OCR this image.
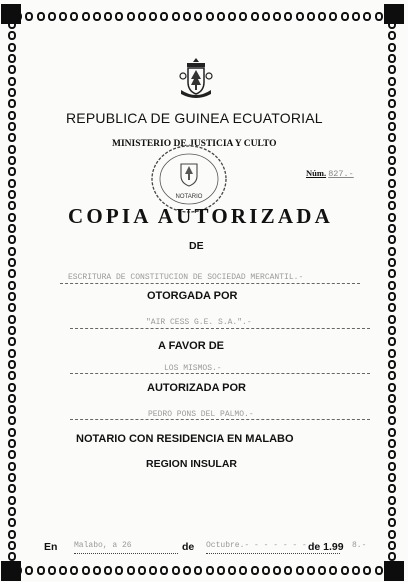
REPUBLICA DE GUINEA ECUATORIAL

MINISTERIO DE JUSTICIA Y CULTO

NOTARIO

Núm. 827.-

COPIA AUTORIZADA

DE

ESCRITURA DE CONSTITUCION DE SOCIEDAD MERCANTIL.-

OTORGADA POR

"AIR CESS G.E. S.A.".-

A FAVOR DE

LOS MISMOS.-

AUTORIZADA POR

PEDRO PONS DEL PALMO.-

NOTARIO CON RESIDENCIA EN MALABO

REGION INSULAR

En Malabo, a 26	de Octubre.- - - - - - - -
de 1.99 8.-
